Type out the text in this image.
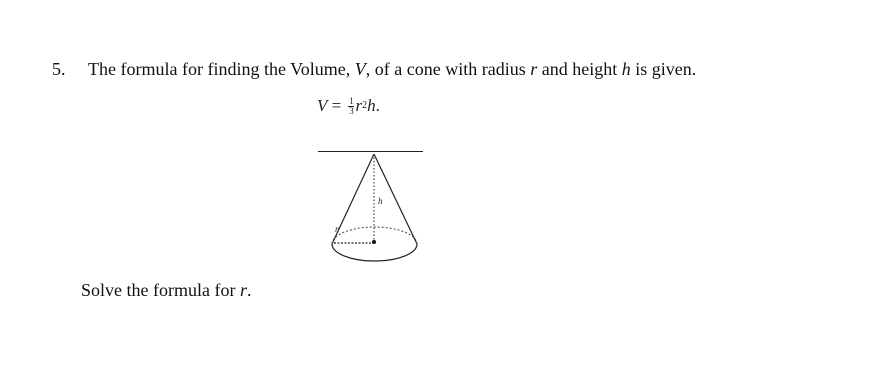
5. The formula for finding the Volume, V, of a cone with radius r and height h is given.
$V = \frac{1}{3}$ r 2 h .
h
r
Solve the formula for r.
